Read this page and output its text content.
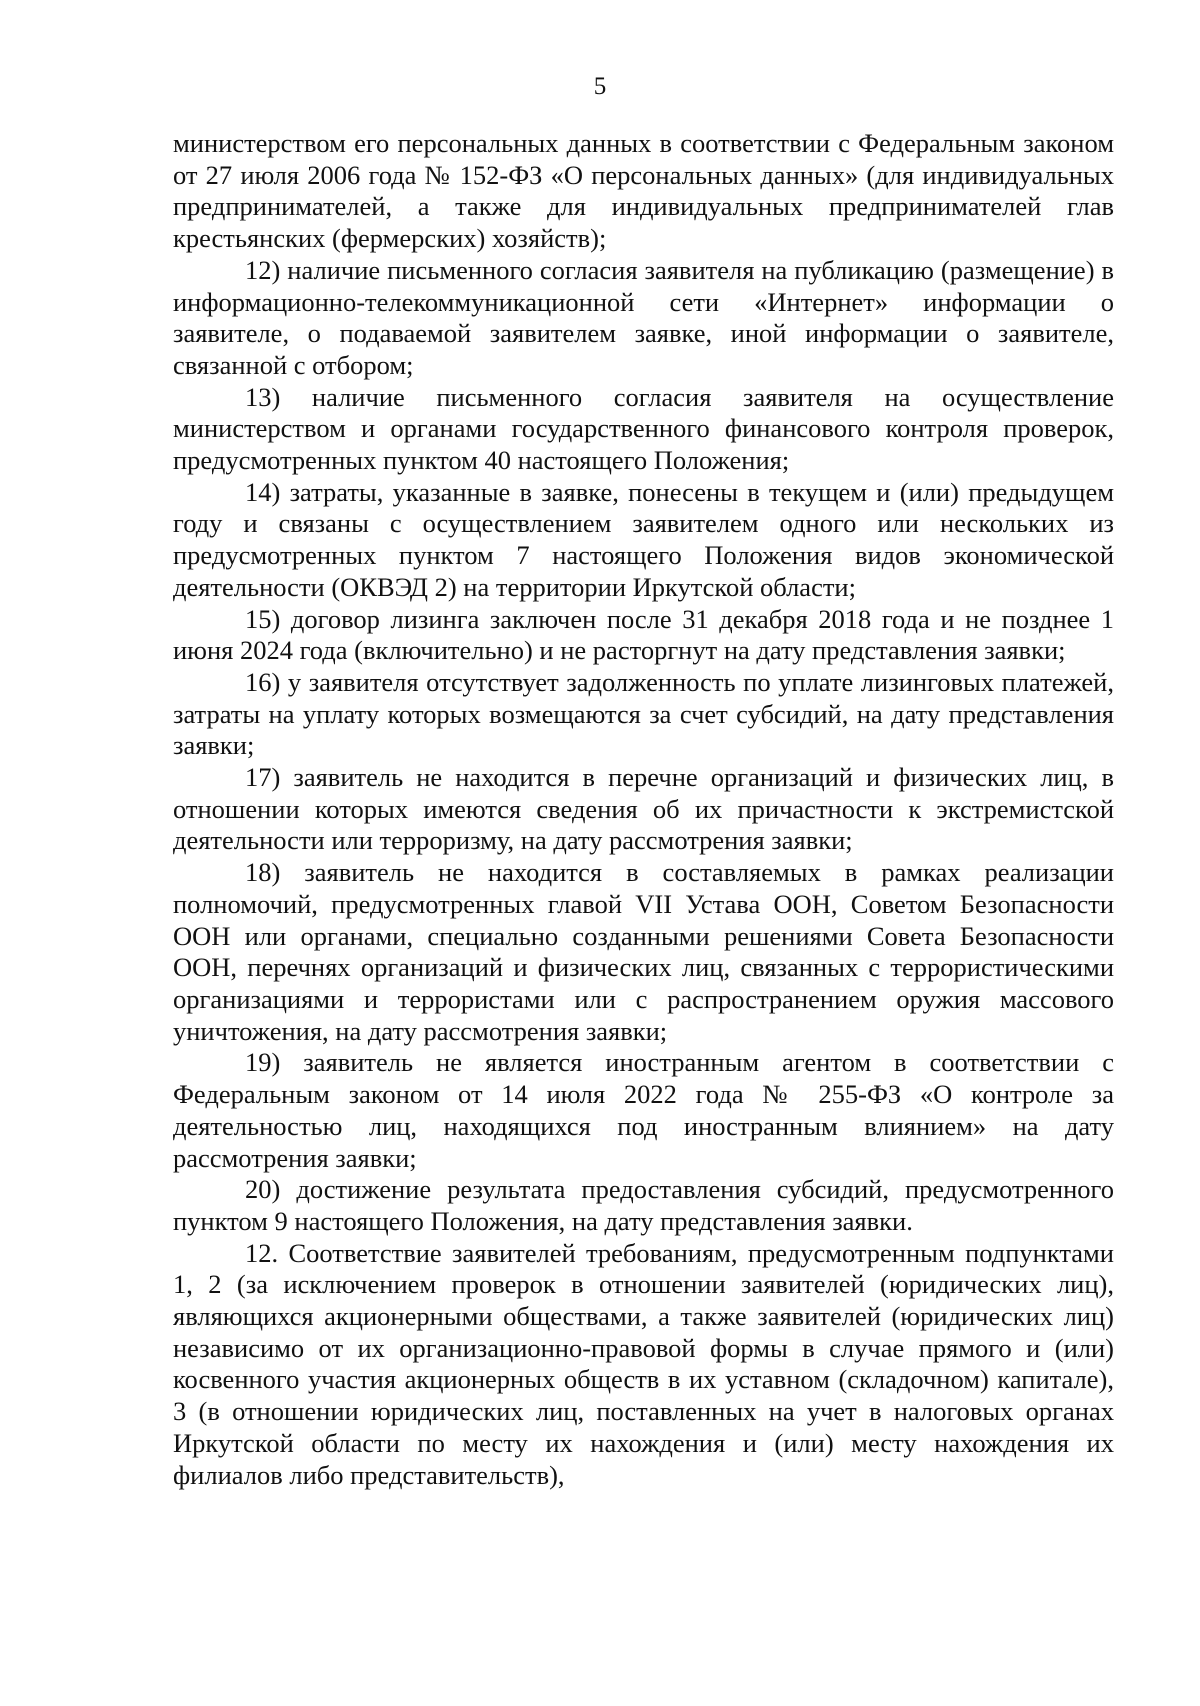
5

министерством его персональных данных в соответствии с Федеральным законом от 27 июля 2006 года № 152-ФЗ «О персональных данных» (для индивидуальных предпринимателей, а также для индивидуальных предпринимателей глав крестьянских (фермерских) хозяйств);

12) наличие письменного согласия заявителя на публикацию (размещение) в информационно-телекоммуникационной сети «Интернет» информации о заявителе, о подаваемой заявителем заявке, иной информации о заявителе, связанной с отбором;

13) наличие письменного согласия заявителя на осуществление министерством и органами государственного финансового контроля проверок, предусмотренных пунктом 40 настоящего Положения;

14) затраты, указанные в заявке, понесены в текущем и (или) предыдущем году и связаны с осуществлением заявителем одного или нескольких из предусмотренных пунктом 7 настоящего Положения видов экономической деятельности (ОКВЭД 2) на территории Иркутской области;

15) договор лизинга заключен после 31 декабря 2018 года и не позднее 1 июня 2024 года (включительно) и не расторгнут на дату представления заявки;

16) у заявителя отсутствует задолженность по уплате лизинговых платежей, затраты на уплату которых возмещаются за счет субсидий, на дату представления заявки;

17) заявитель не находится в перечне организаций и физических лиц, в отношении которых имеются сведения об их причастности к экстремистской деятельности или терроризму, на дату рассмотрения заявки;

18) заявитель не находится в составляемых в рамках реализации полномочий, предусмотренных главой VII Устава ООН, Советом Безопасности ООН или органами, специально созданными решениями Совета Безопасности ООН, перечнях организаций и физических лиц, связанных с террористическими организациями и террористами или с распространением оружия массового уничтожения, на дату рассмотрения заявки;

19) заявитель не является иностранным агентом в соответствии с Федеральным законом от 14 июля 2022 года № 255-ФЗ «О контроле за деятельностью лиц, находящихся под иностранным влиянием» на дату рассмотрения заявки;

20) достижение результата предоставления субсидий, предусмотренного пунктом 9 настоящего Положения, на дату представления заявки.

12. Соответствие заявителей требованиям, предусмотренным подпунктами 1, 2 (за исключением проверок в отношении заявителей (юридических лиц), являющихся акционерными обществами, а также заявителей (юридических лиц) независимо от их организационно-правовой формы в случае прямого и (или) косвенного участия акционерных обществ в их уставном (складочном) капитале), 3 (в отношении юридических лиц, поставленных на учет в налоговых органах Иркутской области по месту их нахождения и (или) месту нахождения их филиалов либо представительств),
